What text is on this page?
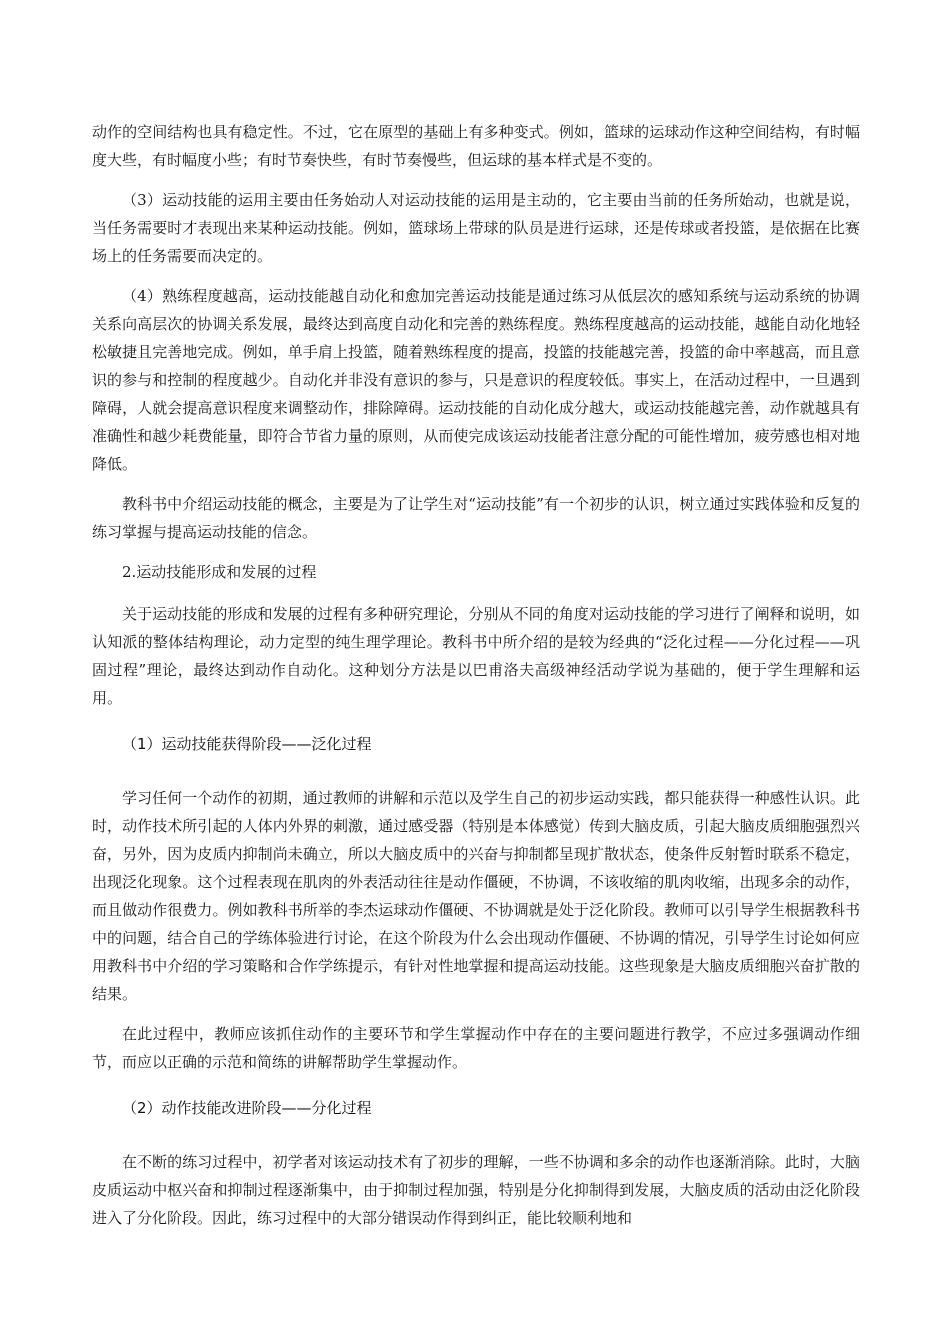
动作的空间结构也具有稳定性。不过，它在原型的基础上有多种变式。例如，篮球的运球动作这种空间结构，有时幅度大些，有时幅度小些；有时节奏快些，有时节奏慢些，但运球的基本样式是不变的。

（3）运动技能的运用主要由任务始动人对运动技能的运用是主动的，它主要由当前的任务所始动，也就是说，当任务需要时才表现出来某种运动技能。例如，篮球场上带球的队员是进行运球，还是传球或者投篮，是依据在比赛场上的任务需要而决定的。

（4）熟练程度越高，运动技能越自动化和愈加完善运动技能是通过练习从低层次的感知系统与运动系统的协调关系向高层次的协调关系发展，最终达到高度自动化和完善的熟练程度。熟练程度越高的运动技能，越能自动化地轻松敏捷且完善地完成。例如，单手肩上投篮，随着熟练程度的提高，投篮的技能越完善，投篮的命中率越高，而且意识的参与和控制的程度越少。自动化并非没有意识的参与，只是意识的程度较低。事实上，在活动过程中，一旦遇到障碍，人就会提高意识程度来调整动作，排除障碍。运动技能的自动化成分越大，或运动技能越完善，动作就越具有准确性和越少耗费能量，即符合节省力量的原则，从而使完成该运动技能者注意分配的可能性增加，疲劳感也相对地降低。

教科书中介绍运动技能的概念，主要是为了让学生对“运动技能”有一个初步的认识，树立通过实践体验和反复的练习掌握与提高运动技能的信念。

2.运动技能形成和发展的过程

关于运动技能的形成和发展的过程有多种研究理论，分别从不同的角度对运动技能的学习进行了阐释和说明，如认知派的整体结构理论，动力定型的纯生理学理论。教科书中所介绍的是较为经典的“泛化过程——分化过程——巩固过程”理论，最终达到动作自动化。这种划分方法是以巴甫洛夫高级神经活动学说为基础的，便于学生理解和运用。

（1）运动技能获得阶段——泛化过程

学习任何一个动作的初期，通过教师的讲解和示范以及学生自己的初步运动实践，都只能获得一种感性认识。此时，动作技术所引起的人体内外界的刺激，通过感受器（特别是本体感觉）传到大脑皮质，引起大脑皮质细胞强烈兴奋，另外，因为皮质内抑制尚未确立，所以大脑皮质中的兴奋与抑制都呈现扩散状态，使条件反射暂时联系不稳定，出现泛化现象。这个过程表现在肌肉的外表活动往往是动作僵硬，不协调，不该收缩的肌肉收缩，出现多余的动作，而且做动作很费力。例如教科书所举的李杰运球动作僵硬、不协调就是处于泛化阶段。教师可以引导学生根据教科书中的问题，结合自己的学练体验进行讨论，在这个阶段为什么会出现动作僵硬、不协调的情况，引导学生讨论如何应用教科书中介绍的学习策略和合作学练提示，有针对性地掌握和提高运动技能。这些现象是大脑皮质细胞兴奋扩散的结果。

在此过程中，教师应该抓住动作的主要环节和学生掌握动作中存在的主要问题进行教学，不应过多强调动作细节，而应以正确的示范和简练的讲解帮助学生掌握动作。

（2）动作技能改进阶段——分化过程

在不断的练习过程中，初学者对该运动技术有了初步的理解，一些不协调和多余的动作也逐渐消除。此时，大脑皮质运动中枢兴奋和抑制过程逐渐集中，由于抑制过程加强，特别是分化抑制得到发展，大脑皮质的活动由泛化阶段进入了分化阶段。因此，练习过程中的大部分错误动作得到纠正，能比较顺利地和
